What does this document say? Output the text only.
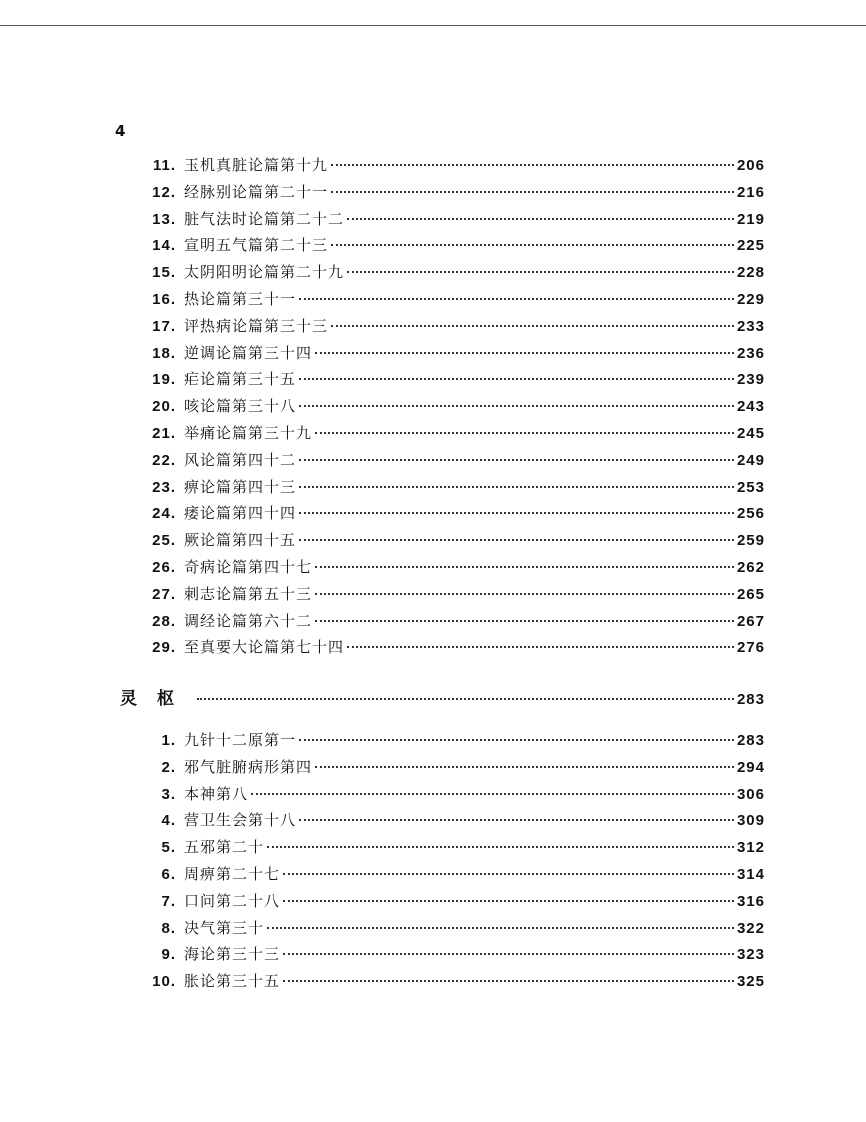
4
11. 玉机真脏论篇第十九	206
12. 经脉别论篇第二十一	216
13. 脏气法时论篇第二十二	219
14. 宣明五气篇第二十三	225
15. 太阴阳明论篇第二十九	228
16. 热论篇第三十一	229
17. 评热病论篇第三十三	233
18. 逆调论篇第三十四	236
19. 疟论篇第三十五	239
20. 咳论篇第三十八	243
21. 举痛论篇第三十九	245
22. 风论篇第四十二	249
23. 痹论篇第四十三	253
24. 痿论篇第四十四	256
25. 厥论篇第四十五	259
26. 奇病论篇第四十七	262
27. 刺志论篇第五十三	265
28. 调经论篇第六十二	267
29. 至真要大论篇第七十四	276
灵枢	283
1. 九针十二原第一	283
2. 邪气脏腑病形第四	294
3. 本神第八	306
4. 营卫生会第十八	309
5. 五邪第二十	312
6. 周痹第二十七	314
7. 口问第二十八	316
8. 决气第三十	322
9. 海论第三十三	323
10. 胀论第三十五	325
